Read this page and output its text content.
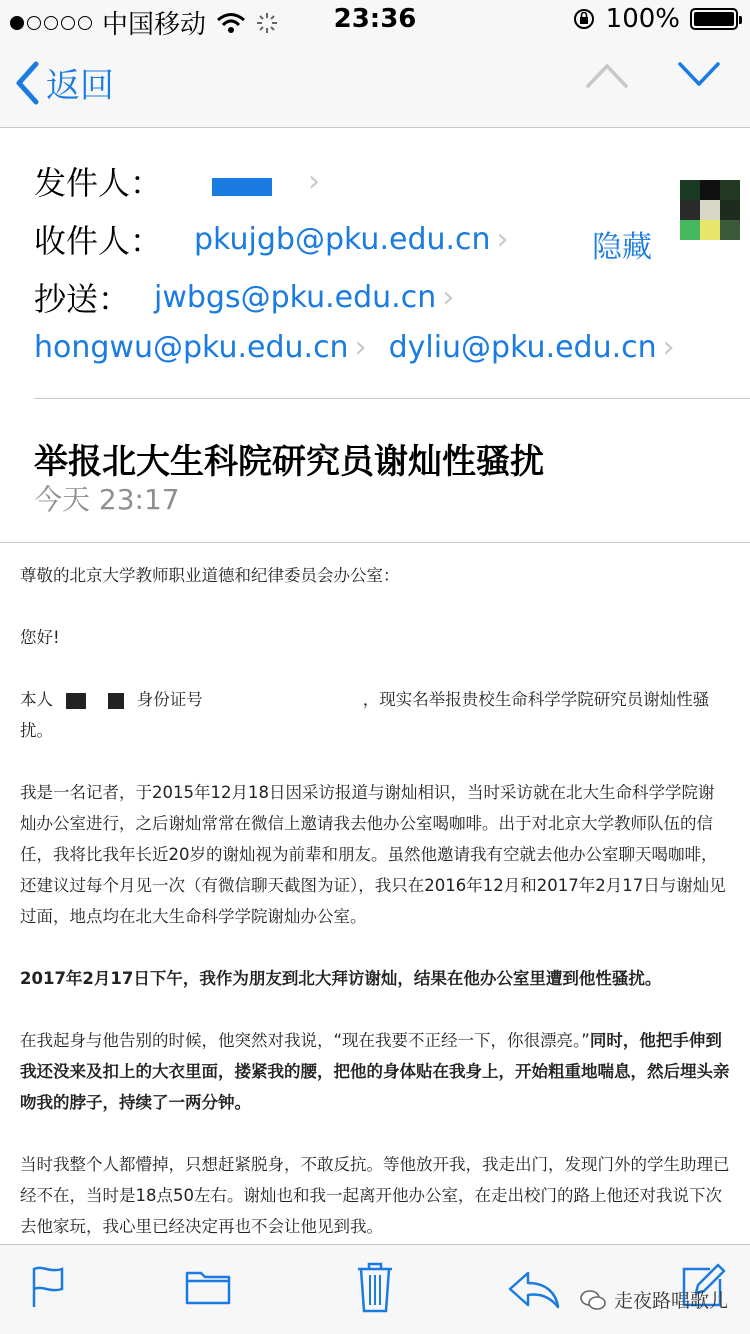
中国移动	23:36	100%
返回
发件人：	›
收件人： pkujgb@pku.edu.cn ›	隐藏
抄送： jwbgs@pku.edu.cn ›
hongwu@pku.edu.cn › dyliu@pku.edu.cn ›
举报北大生科院研究员谢灿性骚扰
今天 23:17

尊敬的北京大学教师职业道德和纪律委员会办公室：

您好!

本人	身份证号	，现实名举报贵校生命科学学院研究员谢灿性骚扰。

我是一名记者，于2015年12月18日因采访报道与谢灿相识，当时采访就在北大生命科学学院谢灿办公室进行，之后谢灿常常在微信上邀请我去他办公室喝咖啡。出于对北京大学教师队伍的信任，我将比我年长近20岁的谢灿视为前辈和朋友。虽然他邀请我有空就去他办公室聊天喝咖啡，还建议过每个月见一次（有微信聊天截图为证），我只在2016年12月和2017年2月17日与谢灿见过面，地点均在北大生命科学学院谢灿办公室。

2017年2月17日下午，我作为朋友到北大拜访谢灿，结果在他办公室里遭到他性骚扰。

在我起身与他告别的时候，他突然对我说，“现在我要不正经一下，你很漂亮。”同时，他把手伸到我还没来及扣上的大衣里面，搂紧我的腰，把他的身体贴在我身上，开始粗重地喘息，然后埋头亲吻我的脖子，持续了一两分钟。

当时我整个人都懵掉，只想赶紧脱身，不敢反抗。等他放开我，我走出门，发现门外的学生助理已经不在，当时是18点50左右。谢灿也和我一起离开他办公室，在走出校门的路上他还对我说下次去他家玩，我心里已经决定再也不会让他见到我。

走夜路唱歌儿
